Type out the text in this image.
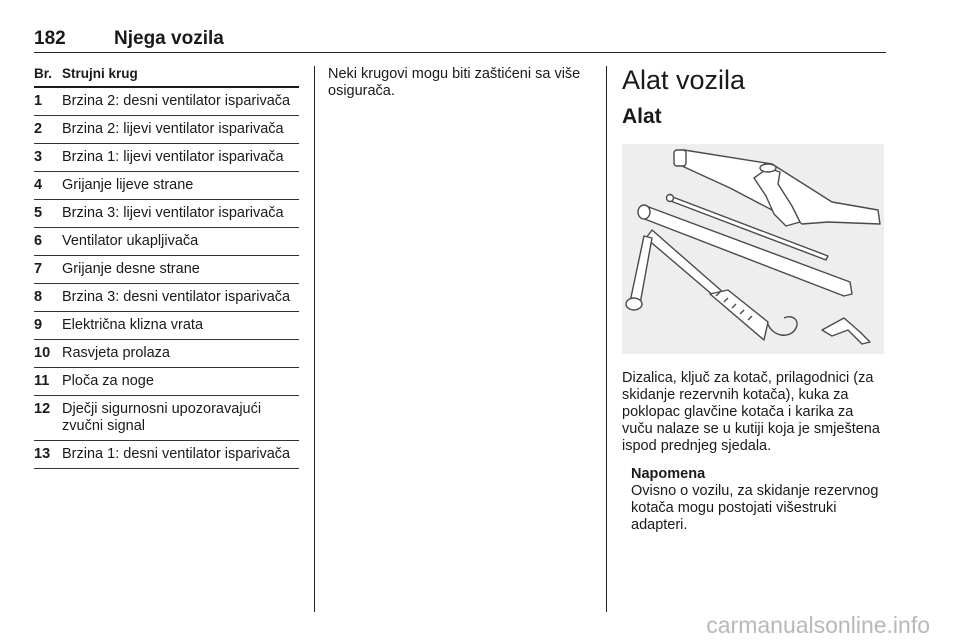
182	Njega vozila
Br. Strujni krug
1	Brzina 2: desni ventilator isparivača
2	Brzina 2: lijevi ventilator isparivača
3	Brzina 1: lijevi ventilator isparivača
4	Grijanje lijeve strane
5	Brzina 3: lijevi ventilator isparivača
6	Ventilator ukapljivača
7	Grijanje desne strane
8	Brzina 3: desni ventilator isparivača
9	Električna klizna vrata
10 Rasvjeta prolaza
11 Ploča za noge
12 Dječji sigurnosni upozoravajući zvučni signal
13 Brzina 1: desni ventilator isparivača
Neki krugovi mogu biti zaštićeni sa više osigurača.	Alat vozila
Alat
Dizalica, ključ za kotač, prilagodnici (za skidanje rezervnih kotača), kuka za poklopac glavčine kotača i karika za vuču nalaze se u kutiji koja je smještena ispod prednjeg sjedala.
Napomena
Ovisno o vozilu, za skidanje rezervnog kotača mogu postojati višestruki adapteri.
carmanualsonline.info
